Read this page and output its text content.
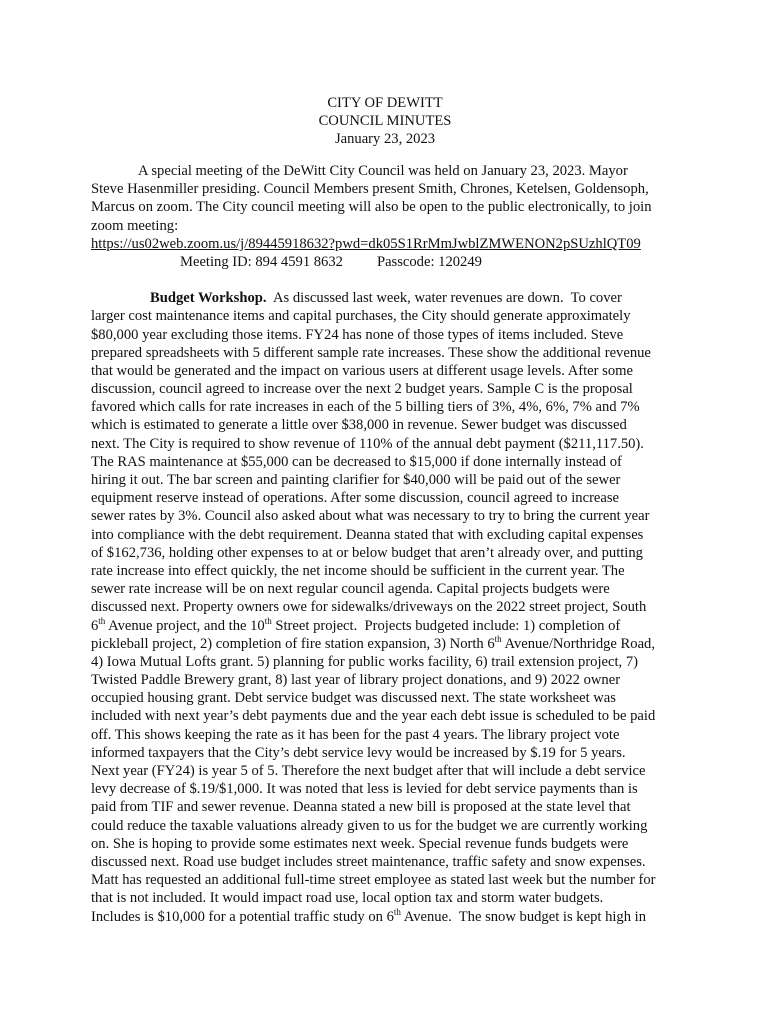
CITY OF DEWITT
COUNCIL MINUTES
January 23, 2023
A special meeting of the DeWitt City Council was held on January 23, 2023. Mayor
Steve Hasenmiller presiding. Council Members present Smith, Chrones, Ketelsen, Goldensoph,
Marcus on zoom. The City council meeting will also be open to the public electronically, to join
zoom meeting:
https://us02web.zoom.us/j/89445918632?pwd=dk05S1RrMmJwblZMWENON2pSUzhlQT09
Meeting ID: 894 4591 8632 Passcode: 120249
Budget Workshop.  As discussed last week, water revenues are down.  To cover
larger cost maintenance items and capital purchases, the City should generate approximately
$80,000 year excluding those items. FY24 has none of those types of items included. Steve
prepared spreadsheets with 5 different sample rate increases. These show the additional revenue
that would be generated and the impact on various users at different usage levels. After some
discussion, council agreed to increase over the next 2 budget years. Sample C is the proposal
favored which calls for rate increases in each of the 5 billing tiers of 3%, 4%, 6%, 7% and 7%
which is estimated to generate a little over $38,000 in revenue. Sewer budget was discussed
next. The City is required to show revenue of 110% of the annual debt payment ($211,117.50).
The RAS maintenance at $55,000 can be decreased to $15,000 if done internally instead of
hiring it out. The bar screen and painting clarifier for $40,000 will be paid out of the sewer
equipment reserve instead of operations. After some discussion, council agreed to increase
sewer rates by 3%. Council also asked about what was necessary to try to bring the current year
into compliance with the debt requirement. Deanna stated that with excluding capital expenses
of $162,736, holding other expenses to at or below budget that aren’t already over, and putting
rate increase into effect quickly, the net income should be sufficient in the current year. The
sewer rate increase will be on next regular council agenda. Capital projects budgets were
discussed next. Property owners owe for sidewalks/driveways on the 2022 street project, South
6th Avenue project, and the 10th Street project.  Projects budgeted include: 1) completion of
pickleball project, 2) completion of fire station expansion, 3) North 6th Avenue/Northridge Road,
4) Iowa Mutual Lofts grant. 5) planning for public works facility, 6) trail extension project, 7)
Twisted Paddle Brewery grant, 8) last year of library project donations, and 9) 2022 owner
occupied housing grant. Debt service budget was discussed next. The state worksheet was
included with next year’s debt payments due and the year each debt issue is scheduled to be paid
off. This shows keeping the rate as it has been for the past 4 years. The library project vote
informed taxpayers that the City’s debt service levy would be increased by $.19 for 5 years.
Next year (FY24) is year 5 of 5. Therefore the next budget after that will include a debt service
levy decrease of $.19/$1,000. It was noted that less is levied for debt service payments than is
paid from TIF and sewer revenue. Deanna stated a new bill is proposed at the state level that
could reduce the taxable valuations already given to us for the budget we are currently working
on. She is hoping to provide some estimates next week. Special revenue funds budgets were
discussed next. Road use budget includes street maintenance, traffic safety and snow expenses.
Matt has requested an additional full-time street employee as stated last week but the number for
that is not included. It would impact road use, local option tax and storm water budgets.
Includes is $10,000 for a potential traffic study on 6th Avenue.  The snow budget is kept high in
